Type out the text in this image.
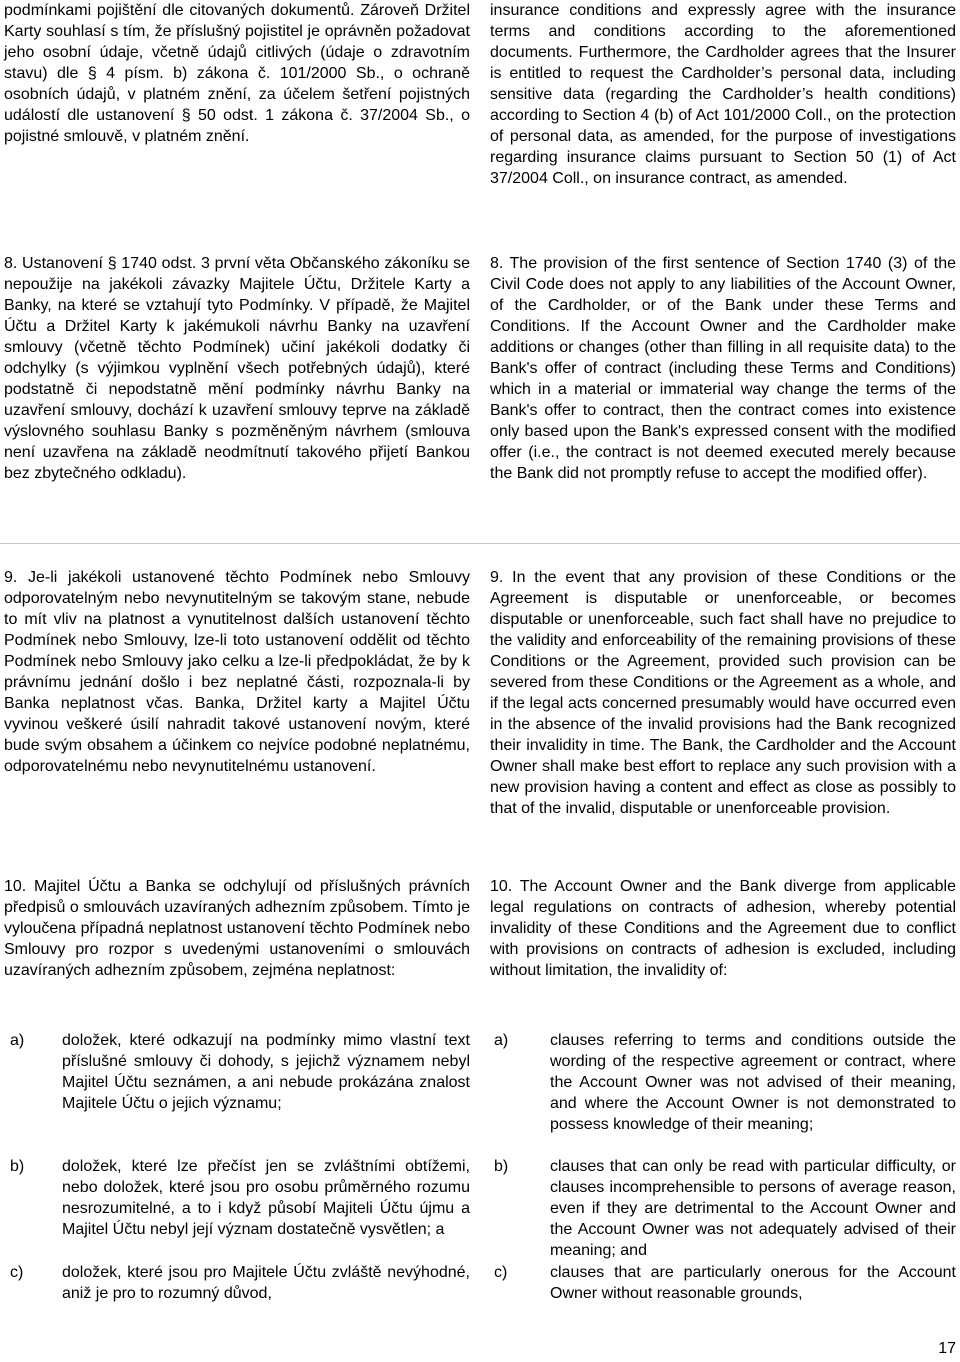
podmínkami pojištění dle citovaných dokumentů. Zároveň Držitel Karty souhlasí s tím, že příslušný pojistitel je oprávněn požadovat jeho osobní údaje, včetně údajů citlivých (údaje o zdravotním stavu) dle § 4 písm. b) zákona č. 101/2000 Sb., o ochraně osobních údajů, v platném znění, za účelem šetření pojistných událostí dle ustanovení § 50 odst. 1 zákona č. 37/2004 Sb., o pojistné smlouvě, v platném znění.

8. Ustanovení § 1740 odst. 3 první věta Občanského zákoníku se nepoužije na jakékoli závazky Majitele Účtu, Držitele Karty a Banky, na které se vztahují tyto Podmínky. V případě, že Majitel Účtu a Držitel Karty k jakémukoli návrhu Banky na uzavření smlouvy (včetně těchto Podmínek) učiní jakékoli dodatky či odchylky (s výjimkou vyplnění všech potřebných údajů), které podstatně či nepodstatně mění podmínky návrhu Banky na uzavření smlouvy, dochází k uzavření smlouvy teprve na základě výslovného souhlasu Banky s pozměněným návrhem (smlouva není uzavřena na základě neodmítnutí takového přijetí Bankou bez zbytečného odkladu).

9. Je-li jakékoli ustanovené těchto Podmínek nebo Smlouvy odporovatelným nebo nevynutitelným se takovým stane, nebude to mít vliv na platnost a vynutitelnost dalších ustanovení těchto Podmínek nebo Smlouvy, lze-li toto ustanovení oddělit od těchto Podmínek nebo Smlouvy jako celku a lze-li předpokládat, že by k právnímu jednání došlo i bez neplatné části, rozpoznala-li by Banka neplatnost včas. Banka, Držitel karty a Majitel Účtu vyvinou veškeré úsilí nahradit takové ustanovení novým, které bude svým obsahem a účinkem co nejvíce podobné neplatnému, odporovatelnému nebo nevynutitelnému ustanovení.

10. Majitel Účtu a Banka se odchylují od příslušných právních předpisů o smlouvách uzavíraných adhezním způsobem. Tímto je vyloučena případná neplatnost ustanovení těchto Podmínek nebo Smlouvy pro rozpor s uvedenými ustanoveními o smlouvách uzavíraných adhezním způsobem, zejména neplatnost:

a) doložek, které odkazují na podmínky mimo vlastní text příslušné smlouvy či dohody, s jejichž významem nebyl Majitel Účtu seznámen, a ani nebude prokázána znalost Majitele Účtu o jejich významu;
b) doložek, které lze přečíst jen se zvláštními obtížemi, nebo doložek, které jsou pro osobu průměrného rozumu nesrozumitelné, a to i když působí Majiteli Účtu újmu a Majitel Účtu nebyl její význam dostatečně vysvětlen; a
c) doložek, které jsou pro Majitele Účtu zvláště nevýhodné, aniž je pro to rozumný důvod,

insurance conditions and expressly agree with the insurance terms and conditions according to the aforementioned documents. Furthermore, the Cardholder agrees that the Insurer is entitled to request the Cardholder’s personal data, including sensitive data (regarding the Cardholder’s health conditions) according to Section 4 (b) of Act 101/2000 Coll., on the protection of personal data, as amended, for the purpose of investigations regarding insurance claims pursuant to Section 50 (1) of Act 37/2004 Coll., on insurance contract, as amended.

8. The provision of the first sentence of Section 1740 (3) of the Civil Code does not apply to any liabilities of the Account Owner, of the Cardholder, or of the Bank under these Terms and Conditions. If the Account Owner and the Cardholder make additions or changes (other than filling in all requisite data) to the Bank's offer of contract (including these Terms and Conditions) which in a material or immaterial way change the terms of the Bank's offer to contract, then the contract comes into existence only based upon the Bank's expressed consent with the modified offer (i.e., the contract is not deemed executed merely because the Bank did not promptly refuse to accept the modified offer).

9. In the event that any provision of these Conditions or the Agreement is disputable or unenforceable, or becomes disputable or unenforceable, such fact shall have no prejudice to the validity and enforceability of the remaining provisions of these Conditions or the Agreement, provided such provision can be severed from these Conditions or the Agreement as a whole, and if the legal acts concerned presumably would have occurred even in the absence of the invalid provisions had the Bank recognized their invalidity in time. The Bank, the Cardholder and the Account Owner shall make best effort to replace any such provision with a new provision having a content and effect as close as possibly to that of the invalid, disputable or unenforceable provision.

10. The Account Owner and the Bank diverge from applicable legal regulations on contracts of adhesion, whereby potential invalidity of these Conditions and the Agreement due to conflict with provisions on contracts of adhesion is excluded, including without limitation, the invalidity of:

a)	clauses referring to terms and conditions outside the wording of the respective agreement or contract, where the Account Owner was not advised of their meaning, and where the Account Owner is not demonstrated to possess knowledge of their meaning;
b)	clauses that can only be read with particular difficulty, or clauses incomprehensible to persons of average reason, even if they are detrimental to the Account Owner and the Account Owner was not adequately advised of their meaning; and
c)	clauses that are particularly onerous for the Account Owner without reasonable grounds,
17
